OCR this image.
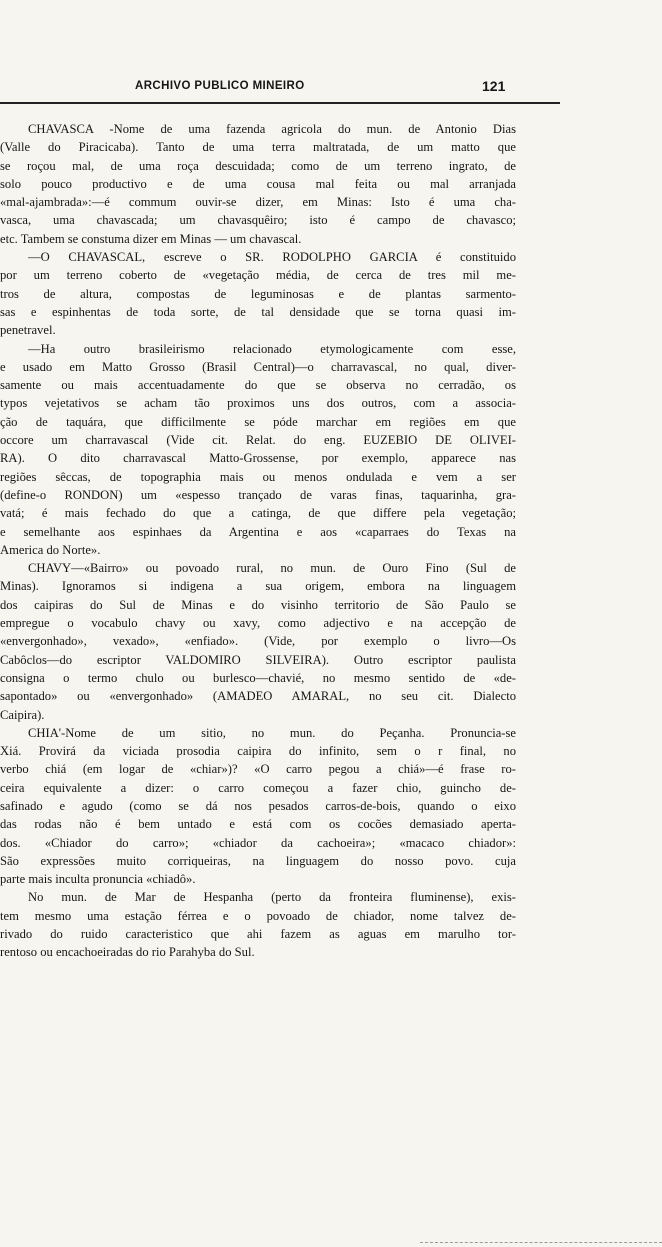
ARCHIVO PUBLICO MINEIRO	121
CHAVASCA -Nome de uma fazenda agricola do mun. de Antonio Dias
(Valle do Piracicaba). Tanto de uma terra maltratada, de um matto que
se roçou mal, de uma roça descuidada; como de um terreno ingrato, de
solo pouco productivo e de uma cousa mal feita ou mal arranjada
«mal-ajambrada»:—é commum ouvir-se dizer, em Minas: Isto é uma cha-
vasca, uma chavascada; um chavasquêiro; isto é campo de chavasco;
etc. Tambem se constuma dizer em Minas — um chavascal.
—O CHAVASCAL, escreve o SR. RODOLPHO GARCIA é constituido
por um terreno coberto de «vegetação média, de cerca de tres mil me-
tros de altura, compostas de leguminosas e de plantas sarmento-
sas e espinhentas de toda sorte, de tal densidade que se torna quasi im-
penetravel.
—Ha outro brasileirismo relacionado etymologicamente com esse,
e usado em Matto Grosso (Brasil Central)—o charravascal, no qual, diver-
samente ou mais accentuadamente do que se observa no cerradão, os
typos vejetativos se acham tão proximos uns dos outros, com a associa-
ção de taquára, que difficilmente se póde marchar em regiões em que
occore um charravascal (Vide cit. Relat. do eng. EUZEBIO DE OLIVEI-
RA). O dito charravascal Matto-Grossense, por exemplo, apparece nas
regiões sêccas, de topographia mais ou menos ondulada e vem a ser
(define-o RONDON) um «espesso trançado de varas finas, taquarinha, gra-
vatá; é mais fechado do que a catinga, de que differe pela vegetação;
e semelhante aos espinhaes da Argentina e aos «caparraes do Texas na
America do Norte».
CHAVY—«Bairro» ou povoado rural, no mun. de Ouro Fino (Sul de
Minas). Ignoramos si indigena a sua origem, embora na linguagem
dos caipiras do Sul de Minas e do visinho territorio de São Paulo se
empregue o vocabulo chavy ou xavy, como adjectivo e na accepção de
«envergonhado», vexado», «enfiado». (Vide, por exemplo o livro—Os
Cabôclos—do escriptor VALDOMIRO SILVEIRA). Outro escriptor paulista
consigna o termo chulo ou burlesco—chavié, no mesmo sentido de «de-
sapontado» ou «envergonhado» (AMADEO AMARAL, no seu cit. Dialecto
Caipira).
CHIA'-Nome de um sitio, no mun. do Peçanha. Pronuncia-se
Xiá. Provirá da viciada prosodia caipira do infinito, sem o r final, no
verbo chiá (em logar de «chiar»)? «O carro pegou a chiá»—é frase ro-
ceira equivalente a dizer: o carro começou a fazer chio, guincho de-
safinado e agudo (como se dá nos pesados carros-de-bois, quando o eixo
das rodas não é bem untado e está com os cocões demasiado aperta-
dos. «Chiador do carro»; «chiador da cachoeira»; «macaco chiador»:
São expressões muito corriqueiras, na linguagem do nosso povo. cuja
parte mais inculta pronuncia «chiadô».
No mun. de Mar de Hespanha (perto da fronteira fluminense), exis-
tem mesmo uma estação férrea e o povoado de chiador, nome talvez de-
rivado do ruido caracteristico que ahi fazem as aguas em marulho tor-
rentoso ou encachoeiradas do rio Parahyba do Sul.
